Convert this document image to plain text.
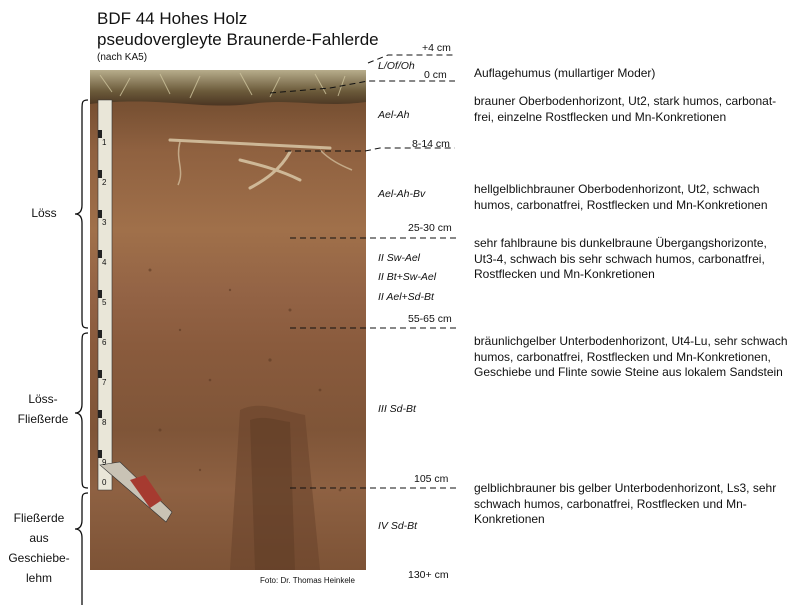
BDF 44 Hohes Holz
pseudovergleyte Braunerde-Fahlerde
(nach KA5)
1
2
3
4
5
6
7
8
9
0
+4 cm
0 cm
8-14 cm
25-30 cm
55-65 cm
105 cm
130+ cm
L/Of/Oh
Ael-Ah
Ael-Ah-Bv
II Sw-Ael
II Bt+Sw-Ael
II Ael+Sd-Bt
III Sd-Bt
IV Sd-Bt
Auflagehumus (mullartiger Moder)
brauner Oberbodenhorizont, Ut2, stark humos, carbonat-frei, einzelne Rostflecken und Mn-Konkretionen
hellgelblichbrauner Oberbodenhorizont, Ut2, schwach humos, carbonatfrei, Rostflecken und Mn-Konkretionen
sehr fahlbraune bis dunkelbraune Übergangshorizonte, Ut3-4, schwach bis sehr schwach humos, carbonatfrei, Rostflecken und Mn-Konkretionen
bräunlichgelber Unterbodenhorizont, Ut4-Lu, sehr schwach humos, carbonatfrei, Rostflecken und Mn-Konkretionen, Geschiebe und Flinte sowie Steine aus lokalem Sandstein
gelblichbrauner bis gelber Unterbodenhorizont, Ls3, sehr schwach humos, carbonatfrei, Rostflecken und Mn-Konkretionen
Löss
Löss-Fließerde
Fließerde aus Geschiebe-lehm	Foto: Dr. Thomas Heinkele
